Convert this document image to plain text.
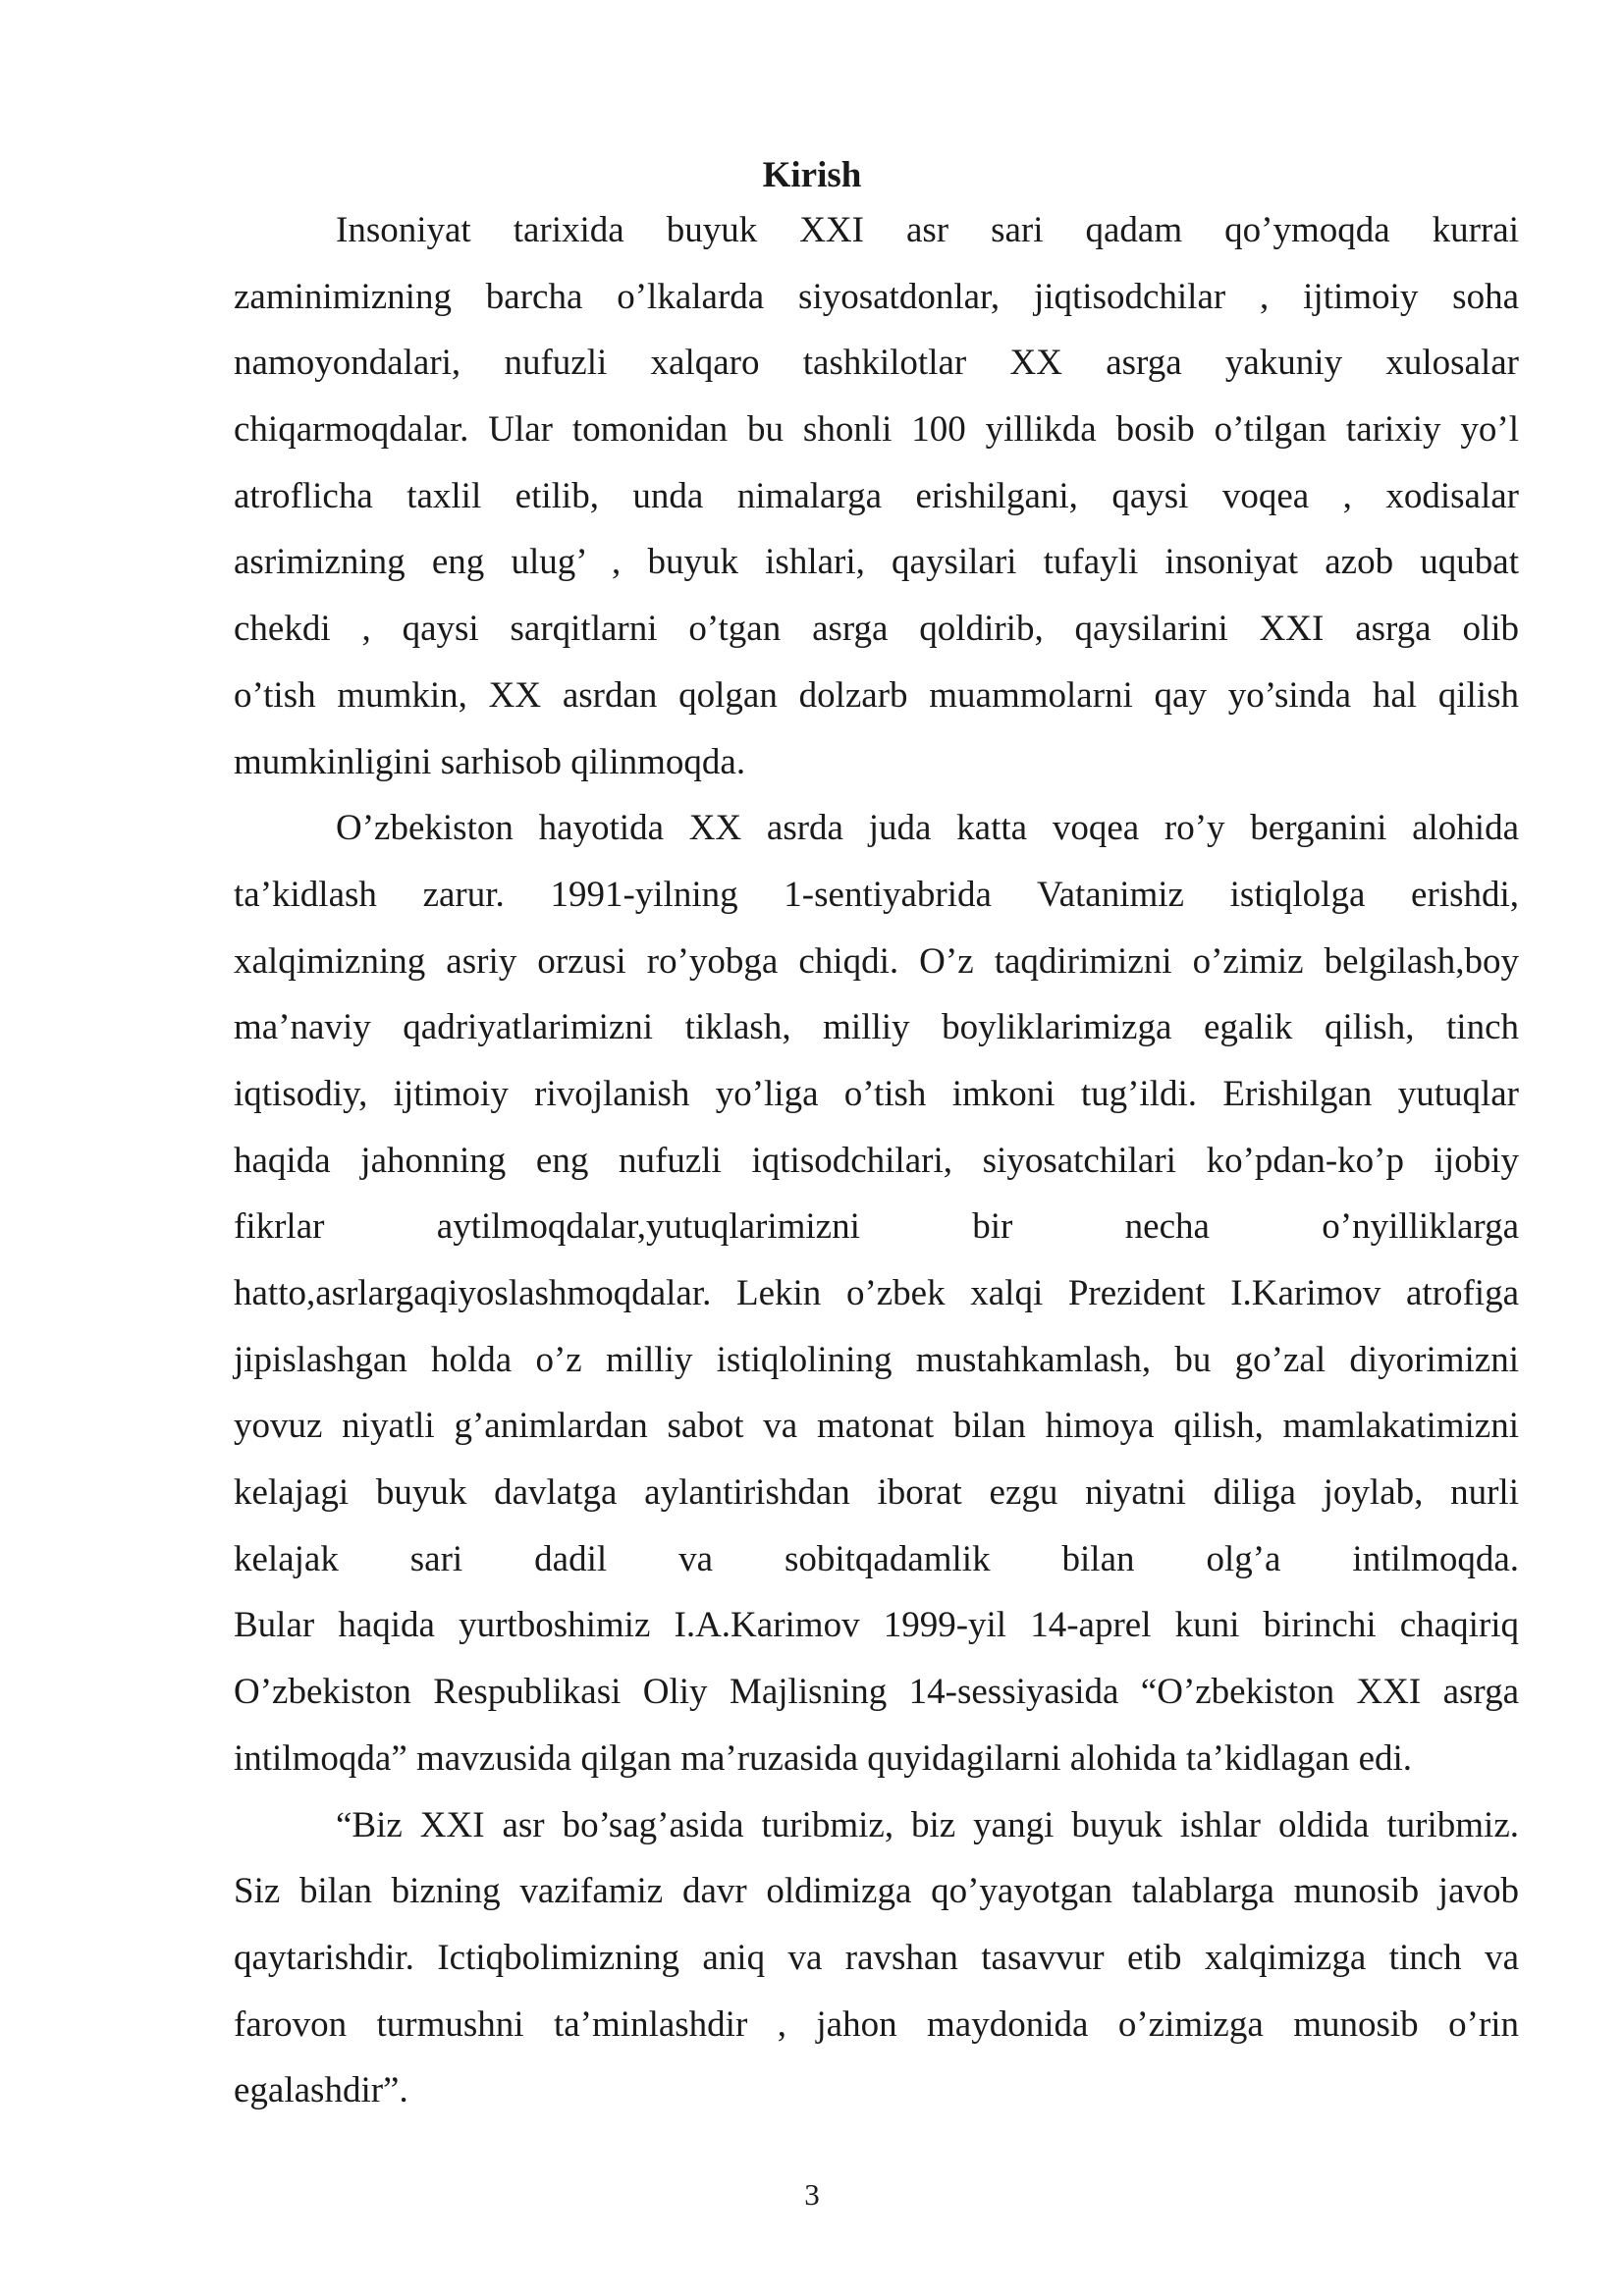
Kirish
Insoniyat tarixida buyuk XXI asr sari qadam qo’ymoqda kurrai
zaminimizning barcha o’lkalarda siyosatdonlar, jiqtisodchilar , ijtimoiy soha
namoyondalari, nufuzli xalqaro tashkilotlar XX asrga yakuniy xulosalar
chiqarmoqdalar. Ular tomonidan bu shonli 100 yillikda bosib o’tilgan tarixiy yo’l
atroflicha taxlil etilib, unda nimalarga erishilgani, qaysi voqea , xodisalar
asrimizning eng ulug’ , buyuk ishlari, qaysilari tufayli insoniyat azob uqubat
chekdi , qaysi sarqitlarni o’tgan asrga qoldirib, qaysilarini XXI asrga olib
o’tish mumkin, XX asrdan qolgan dolzarb muammolarni qay yo’sinda hal qilish
mumkinligini sarhisob qilinmoqda.
O’zbekiston hayotida XX asrda juda katta voqea ro’y berganini alohida
ta’kidlash zarur. 1991-yilning 1-sentiyabrida Vatanimiz istiqlolga erishdi,
xalqimizning asriy orzusi ro’yobga chiqdi. O’z taqdirimizni o’zimiz belgilash,boy
ma’naviy qadriyatlarimizni tiklash, milliy boyliklarimizga egalik qilish, tinch
iqtisodiy, ijtimoiy rivojlanish yo’liga o’tish imkoni tug’ildi. Erishilgan yutuqlar
haqida jahonning eng nufuzli iqtisodchilari, siyosatchilari ko’pdan-ko’p ijobiy
fikrlar aytilmoqdalar,yutuqlarimizni bir necha o’nyilliklarga
hatto,asrlargaqiyoslashmoqdalar. Lekin o’zbek xalqi Prezident I.Karimov atrofiga
jipislashgan holda o’z milliy istiqlolining mustahkamlash, bu go’zal diyorimizni
yovuz niyatli g’animlardan sabot va matonat bilan himoya qilish, mamlakatimizni
kelajagi buyuk davlatga aylantirishdan iborat ezgu niyatni diliga joylab, nurli
kelajak sari dadil va sobitqadamlik bilan olg’a intilmoqda.
Bular haqida yurtboshimiz I.A.Karimov 1999-yil 14-aprel kuni birinchi chaqiriq
O’zbekiston Respublikasi Oliy Majlisning 14-sessiyasida “O’zbekiston XXI asrga
intilmoqda” mavzusida qilgan ma’ruzasida quyidagilarni alohida ta’kidlagan edi.
“Biz XXI asr bo’sag’asida turibmiz, biz yangi buyuk ishlar oldida turibmiz.
Siz bilan bizning vazifamiz davr oldimizga qo’yayotgan talablarga munosib javob
qaytarishdir. Ictiqbolimizning aniq va ravshan tasavvur etib xalqimizga tinch va
farovon turmushni ta’minlashdir , jahon maydonida o’zimizga munosib o’rin
egalashdir”.
3
